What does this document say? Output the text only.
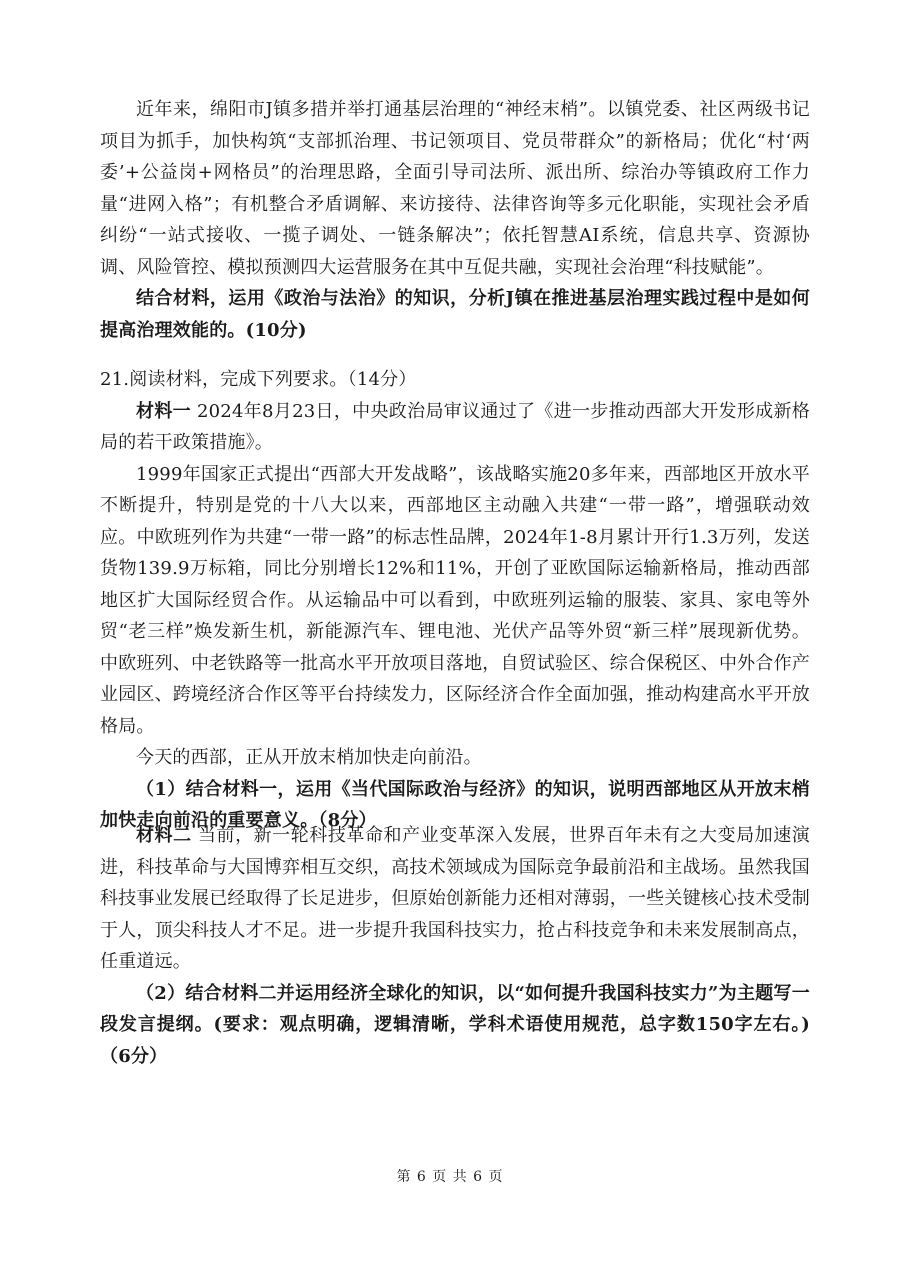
近年来，绵阳市J镇多措并举打通基层治理的“神经末梢”。以镇党委、社区两级书记项目为抓手，加快构筑“支部抓治理、书记领项目、党员带群众”的新格局；优化“村‘两委’+公益岗+网格员”的治理思路，全面引导司法所、派出所、综治办等镇政府工作力量“进网入格”；有机整合矛盾调解、来访接待、法律咨询等多元化职能，实现社会矛盾纠纷“一站式接收、一揽子调处、一链条解决”；依托智慧AI系统，信息共享、资源协调、风险管控、模拟预测四大运营服务在其中互促共融，实现社会治理“科技赋能”。

结合材料，运用《政治与法治》的知识，分析J镇在推进基层治理实践过程中是如何提高治理效能的。(10分)

21.阅读材料，完成下列要求。（14分）

材料一 2024年8月23日，中央政治局审议通过了《进一步推动西部大开发形成新格局的若干政策措施》。

1999年国家正式提出“西部大开发战略”，该战略实施20多年来，西部地区开放水平不断提升，特别是党的十八大以来，西部地区主动融入共建“一带一路”，增强联动效应。中欧班列作为共建“一带一路”的标志性品牌，2024年1-8月累计开行1.3万列，发送货物139.9万标箱，同比分别增长12%和11%，开创了亚欧国际运输新格局，推动西部地区扩大国际经贸合作。从运输品中可以看到，中欧班列运输的服装、家具、家电等外贸“老三样”焕发新生机，新能源汽车、锂电池、光伏产品等外贸“新三样”展现新优势。中欧班列、中老铁路等一批高水平开放项目落地，自贸试验区、综合保税区、中外合作产业园区、跨境经济合作区等平台持续发力，区际经济合作全面加强，推动构建高水平开放格局。

今天的西部，正从开放末梢加快走向前沿。

（1）结合材料一，运用《当代国际政治与经济》的知识，说明西部地区从开放末梢加快走向前沿的重要意义。（8分）

材料二 当前，新一轮科技革命和产业变革深入发展，世界百年未有之大变局加速演进，科技革命与大国博弈相互交织，高技术领域成为国际竞争最前沿和主战场。虽然我国科技事业发展已经取得了长足进步，但原始创新能力还相对薄弱，一些关键核心技术受制于人，顶尖科技人才不足。进一步提升我国科技实力，抢占科技竞争和未来发展制高点，任重道远。

（2）结合材料二并运用经济全球化的知识，以“如何提升我国科技实力”为主题写一段发言提纲。(要求：观点明确，逻辑清晰，学科术语使用规范，总字数150字左右。)（6分）

第 6 页 共 6 页
